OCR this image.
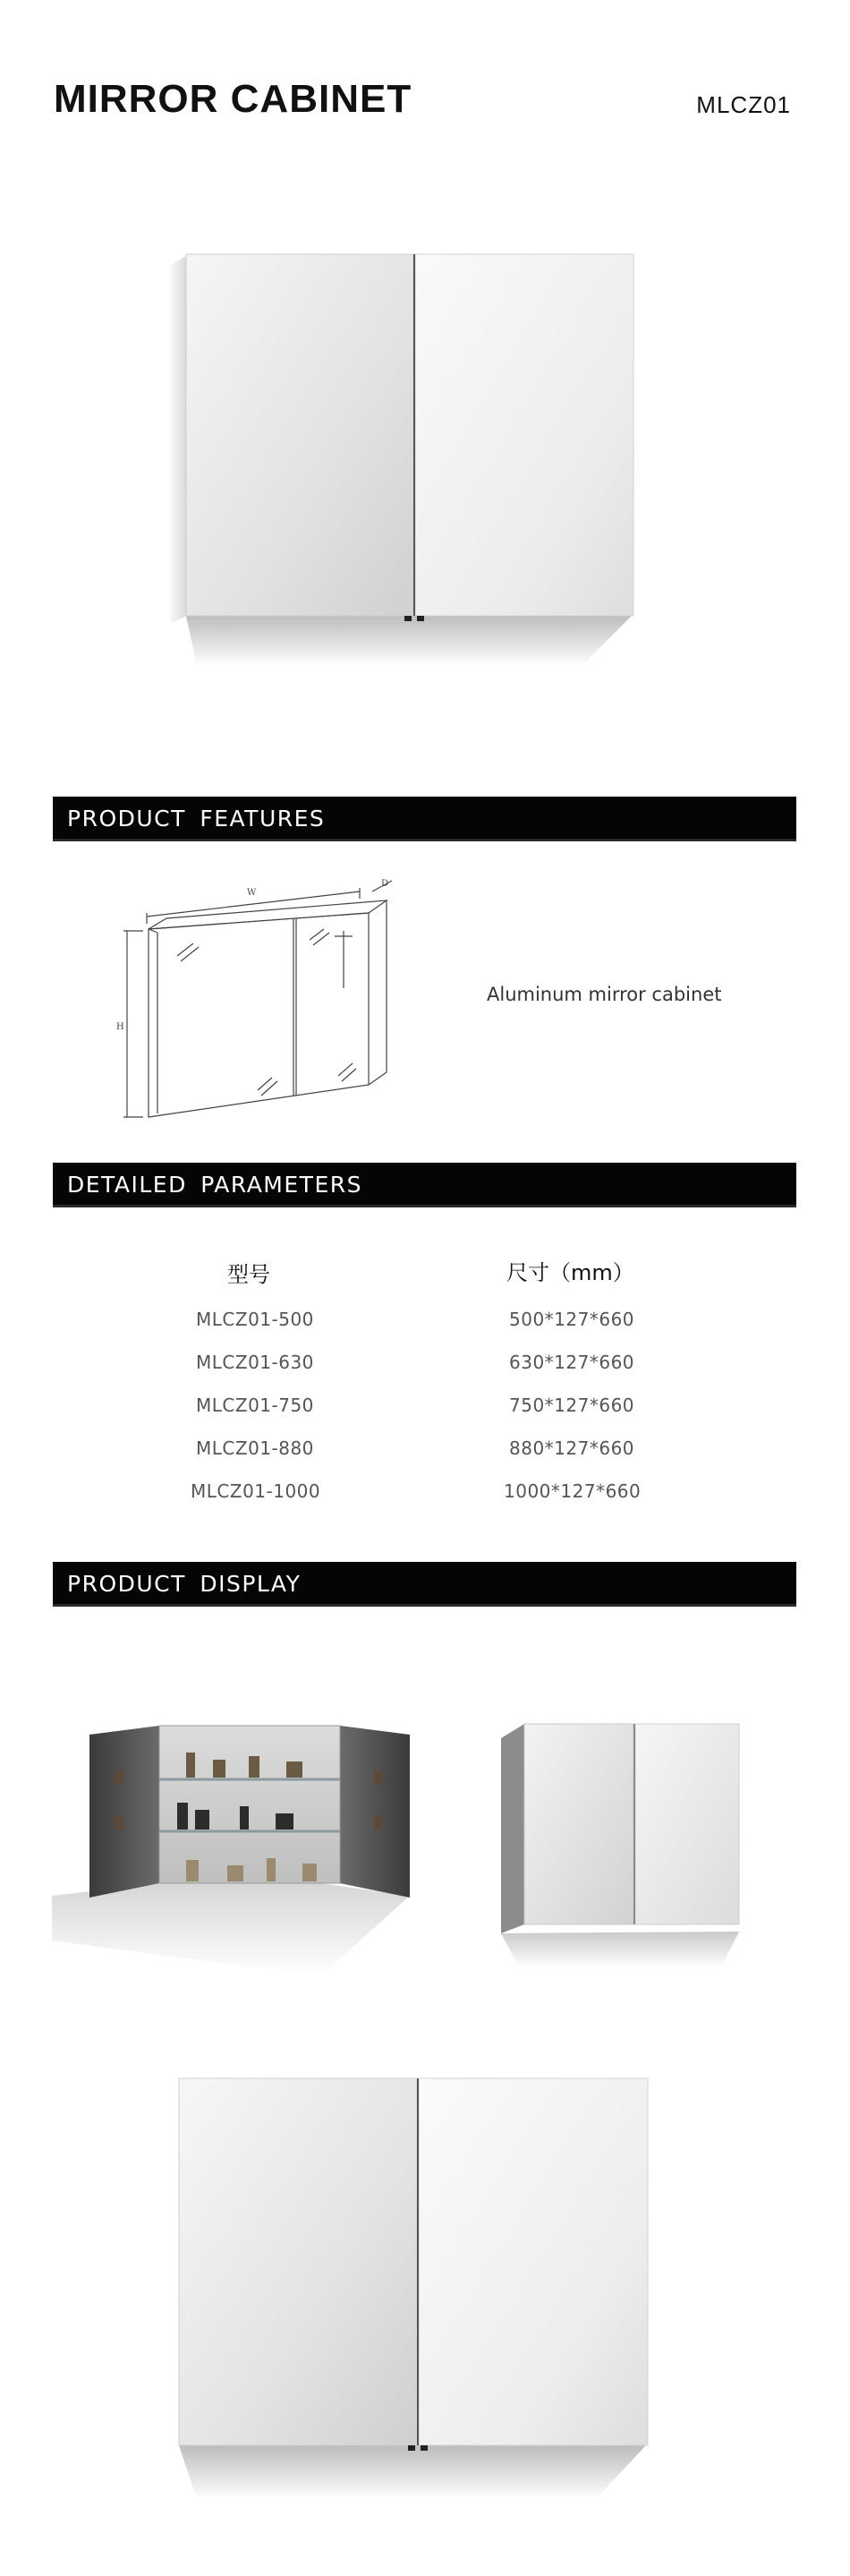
MIRROR CABINET	MLCZ01
PRODUCT FEATURES
W
D
H
Aluminum mirror cabinet
DETAILED PARAMETERS
型号	尺寸（mm）
MLCZ01-500	500*127*660
MLCZ01-630	630*127*660
MLCZ01-750	750*127*660
MLCZ01-880	880*127*660
MLCZ01-1000	1000*127*660
PRODUCT DISPLAY
